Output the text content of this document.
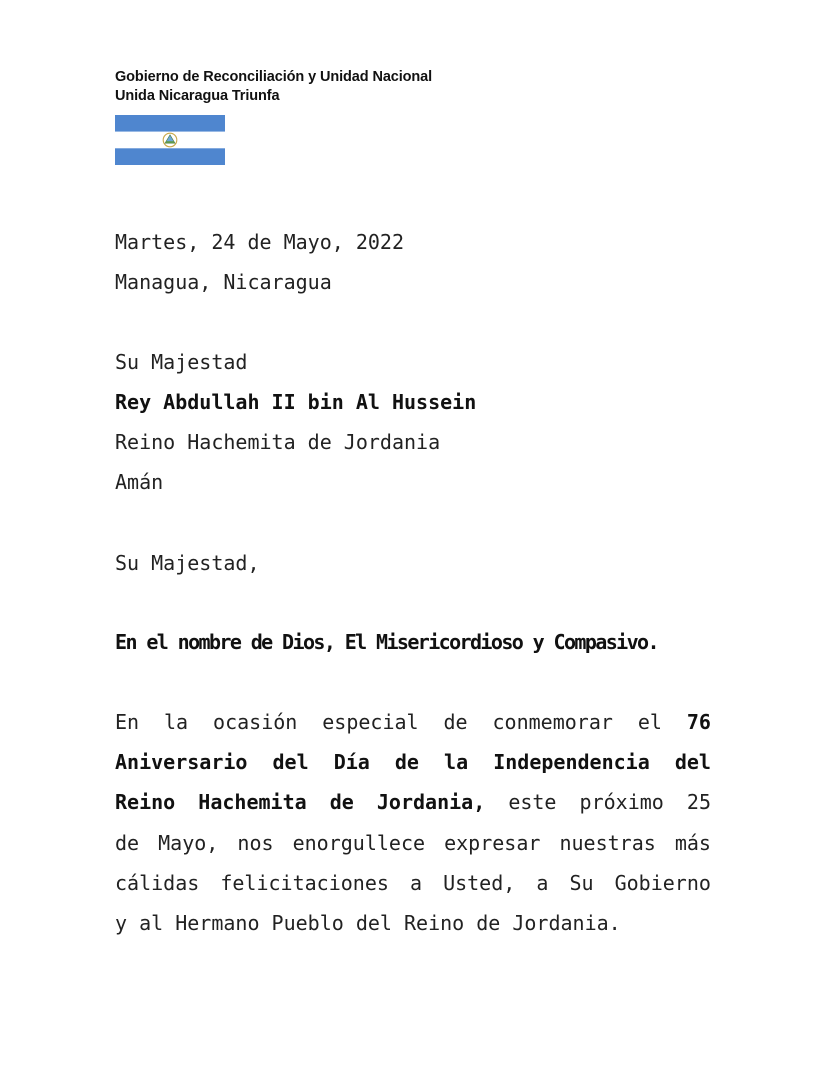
Gobierno de Reconciliación y Unidad Nacional
Unida Nicaragua Triunfa
Martes, 24 de Mayo, 2022
Managua, Nicaragua
Su Majestad
Rey Abdullah II bin Al Hussein
Reino Hachemita de Jordania
Amán
Su Majestad,
En el nombre de Dios, El Misericordioso y Compasivo.
En la ocasión especial de conmemorar el 76
Aniversario del Día de la Independencia del
Reino Hachemita de Jordania, este próximo 25
de Mayo, nos enorgullece expresar nuestras más
cálidas felicitaciones a Usted, a Su Gobierno
y al Hermano Pueblo del Reino de Jordania.
